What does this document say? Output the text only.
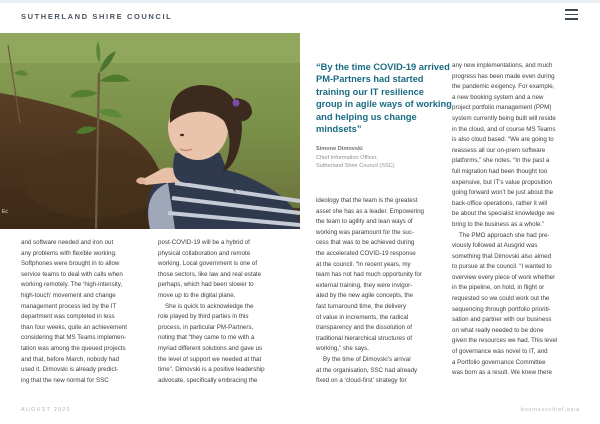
SUTHERLAND SHIRE COUNCIL
Ec
“By the time COVID-19 arrived PM-Partners had started training our IT resilience group in agile ways of working and helping us change mindsets”
Simone Dimovski
Chief Information Officer,
Sutherland Shire Council (SSC)

and software needed and iron out

any problems with flexible working.

Softphones were brought in to allow

service teams to deal with calls when

working remotely. The ‘high-intensity,

high-touch’ movement and change

management process led by the IT

department was completed in less

than four weeks, quite an achievement

considering that MS Teams implemen-

tation was among the queued projects

and that, before March, nobody had

used it. Dimovski is already predict-

ing that the new normal for SSC

post-COVID-19 will be a hybrid of

physical collaboration and remote

working. Local government is one of

those sectors, like law and real estate

perhaps, which had been slower to

move up to the digital plane.

She is quick to acknowledge the

role played by third parties in this

process, in particular PM-Partners,

noting that “they came to me with a

myriad different solutions and gave us

the level of support we needed at that

time”. Dimovski is a positive leadership

advocate, specifically embracing the

ideology that the team is the greatest

asset she has as a leader. Empowering

the team to agility and lean ways of

working was paramount for the suc-

cess that was to be achieved during

the accelerated COVID-19 response

at the council. “In recent years, my

team has not had much opportunity for

external training, they were invigor-

ated by the new agile concepts, the

fast turnaround time, the delivery

of value in increments, the radical

transparency and the dissolution of

traditional hierarchical structures of

working,” she says.

By the time of Dimovski’s arrival

at the organisation, SSC had already

fixed on a ‘cloud-first’ strategy for

any new implementations, and much

progress has been made even during

the pandemic exigency. For example,

a new booking system and a new

project portfolio management (PPM)

system currently being built will reside

in the cloud, and of course MS Teams

is also cloud based. “We are going to

reassess all our on-prem software

platforms,” she notes. “In the past a

full migration had been thought too

expensive, but IT’s value proposition

going forward won’t be just about the

back-office operations, rather it will

be about the specialist knowledge we

bring to the business as a whole.”

The PMO approach she had pre-

viously followed at Ausgrid was

something that Dimovski also aimed

to pursue at the council. “I wanted to

overview every piece of work whether

in the pipeline, on hold, in flight or

requested so we could work out the

sequencing through portfolio prioriti-

sation and partner with our business

on what really needed to be done

given the resources we had. This level

of governance was novel to IT, and

a Portfolio governance Committee

was born as a result. We knew there

AUGUST 2020	businesschief.asia
